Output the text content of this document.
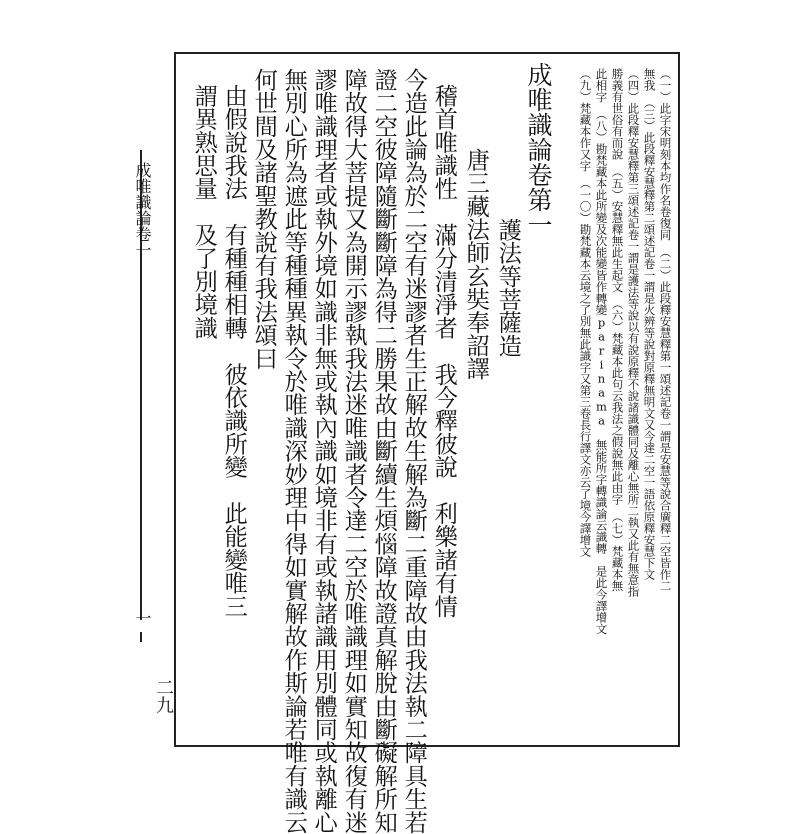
成唯識論卷一
一
二九
成唯識論卷第一
護法等菩薩造
唐三藏法師玄奘奉詔譯
稽首唯識性　滿分清淨者　我今釋彼說　利樂諸有情
今造此論為於二空有迷謬者生正解故生解為斷二重障故由我法執二障具生若
證二空彼障隨斷斷障為得二勝果故由斷續生煩惱障故證真解脫由斷礙解所知
障故得大菩提又為開示謬執我法迷唯識者令達二空於唯識理如實知故復有迷
謬唯識理者或執外境如識非無或執內識如境非有或執諸識用別體同或執離心
無別心所為遮此等種種異執令於唯識深妙理中得如實解故作斯論若唯有識云
何世間及諸聖教說有我法頌曰
由假說我法　有種種相轉　彼依識所變　此能變唯三
謂異熟思量　及了別境識	（一）此字宋明刻本均作名卷復同　（二）此段釋安慧釋第一頌述記卷一謂是安慧等說合廣釋二空皆作二
無我　（三）此段釋安慧釋第二頌述記卷一謂是火辨等說對原釋無明文又今達二空一語依原釋安慧下文
（四）此段釋安慧釋第三頌述記卷一謂是護法等說以有說原釋不說諸識體同及離心無所二執又此有無意指
勝義有世俗有而說　（五）安慧釋無此生起文　（六）梵藏本此句云我法之假說無此由字　（七）梵藏本無
此相字　（八）勘梵藏本此所變及次能變皆作轉變parinama　無能所字轉識論云識轉　是此今譯增文
（九）梵藏本作又字　（一〇）勘梵藏本云境之了別無此識字又第三卷長行譯文亦云了境今譯增文
